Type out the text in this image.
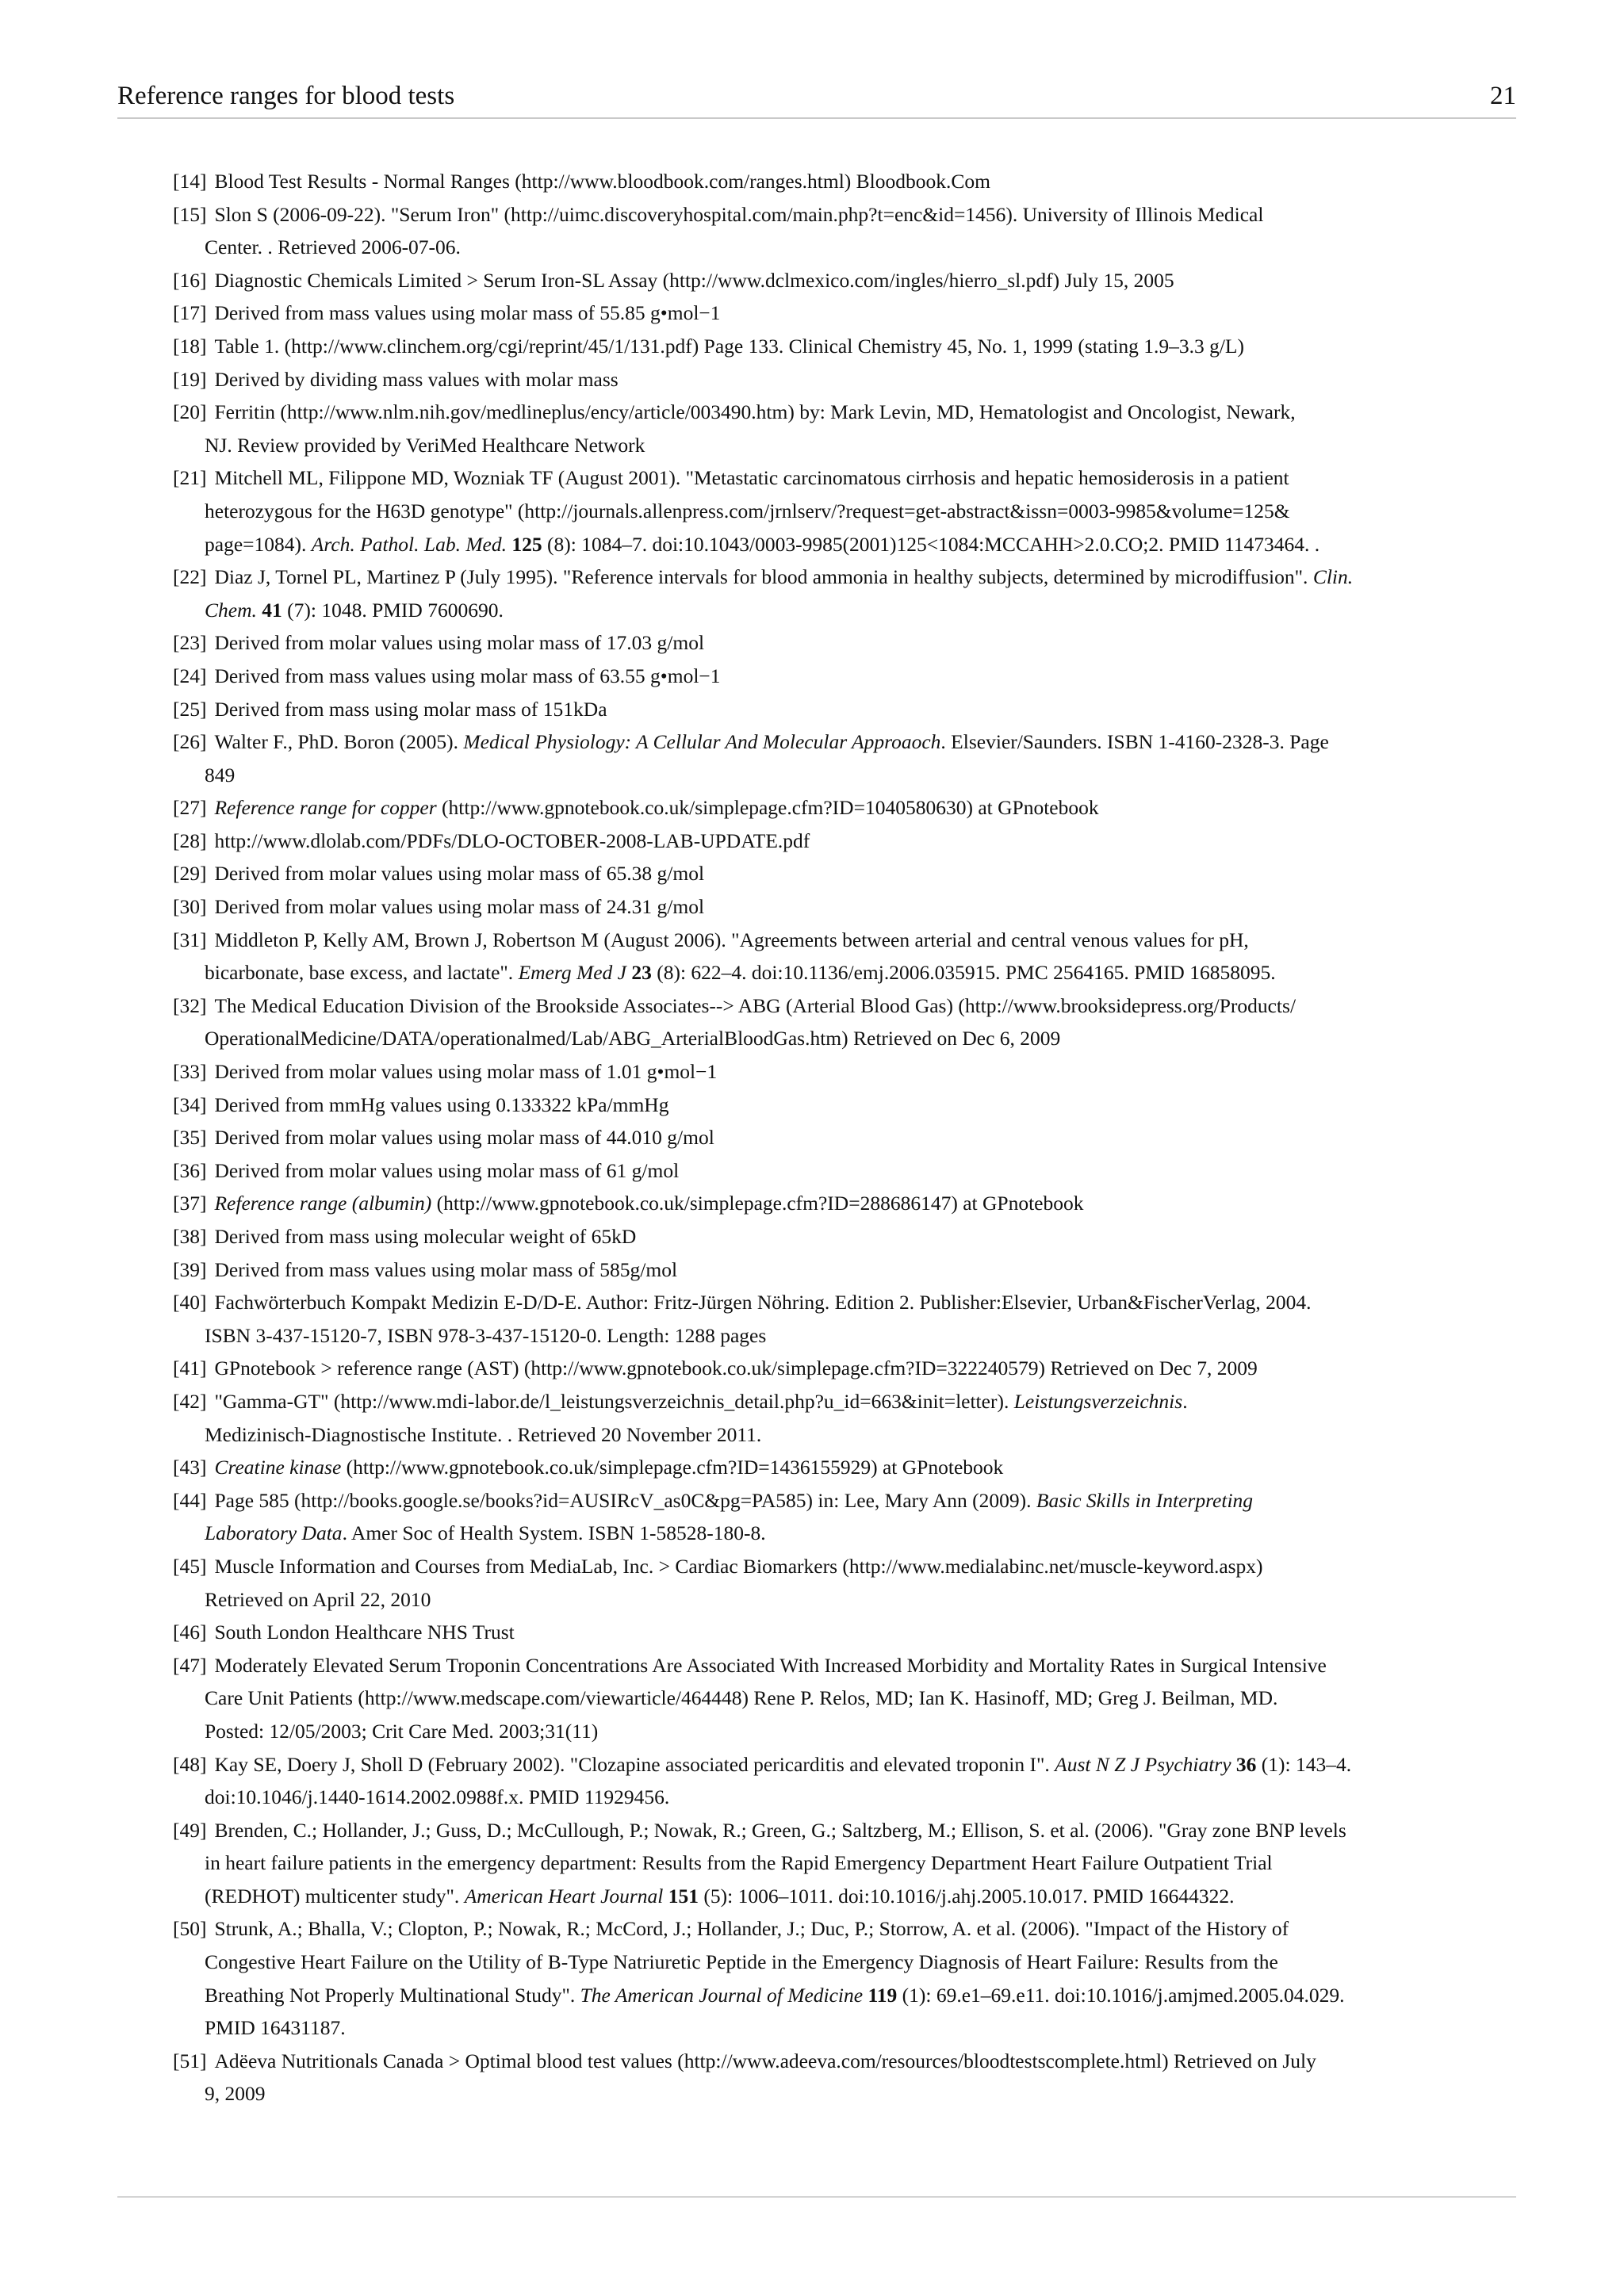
Reference ranges for blood tests	21
[14] Blood Test Results - Normal Ranges (http://www.bloodbook.com/ranges.html) Bloodbook.Com
[15] Slon S (2006-09-22). "Serum Iron" (http://uimc.discoveryhospital.com/main.php?t=enc&id=1456). University of Illinois Medical
Center. . Retrieved 2006-07-06.
[16] Diagnostic Chemicals Limited > Serum Iron-SL Assay (http://www.dclmexico.com/ingles/hierro_sl.pdf) July 15, 2005
[17] Derived from mass values using molar mass of 55.85 g•mol−1
[18] Table 1. (http://www.clinchem.org/cgi/reprint/45/1/131.pdf) Page 133. Clinical Chemistry 45, No. 1, 1999 (stating 1.9–3.3 g/L)
[19] Derived by dividing mass values with molar mass
[20] Ferritin (http://www.nlm.nih.gov/medlineplus/ency/article/003490.htm) by: Mark Levin, MD, Hematologist and Oncologist, Newark,
NJ. Review provided by VeriMed Healthcare Network
[21] Mitchell ML, Filippone MD, Wozniak TF (August 2001). "Metastatic carcinomatous cirrhosis and hepatic hemosiderosis in a patient
heterozygous for the H63D genotype" (http://journals.allenpress.com/jrnlserv/?request=get-abstract&issn=0003-9985&volume=125&
page=1084). Arch. Pathol. Lab. Med. 125 (8): 1084–7. doi:10.1043/0003-9985(2001)125<1084:MCCAHH>2.0.CO;2. PMID 11473464. .
[22] Diaz J, Tornel PL, Martinez P (July 1995). "Reference intervals for blood ammonia in healthy subjects, determined by microdiffusion". Clin.
Chem. 41 (7): 1048. PMID 7600690.
[23] Derived from molar values using molar mass of 17.03 g/mol
[24] Derived from mass values using molar mass of 63.55 g•mol−1
[25] Derived from mass using molar mass of 151kDa
[26] Walter F., PhD. Boron (2005). Medical Physiology: A Cellular And Molecular Approaoch. Elsevier/Saunders. ISBN 1-4160-2328-3. Page
849
[27] Reference range for copper (http://www.gpnotebook.co.uk/simplepage.cfm?ID=1040580630) at GPnotebook
[28] http://www.dlolab.com/PDFs/DLO-OCTOBER-2008-LAB-UPDATE.pdf
[29] Derived from molar values using molar mass of 65.38 g/mol
[30] Derived from molar values using molar mass of 24.31 g/mol
[31] Middleton P, Kelly AM, Brown J, Robertson M (August 2006). "Agreements between arterial and central venous values for pH,
bicarbonate, base excess, and lactate". Emerg Med J 23 (8): 622–4. doi:10.1136/emj.2006.035915. PMC 2564165. PMID 16858095.
[32] The Medical Education Division of the Brookside Associates--> ABG (Arterial Blood Gas) (http://www.brooksidepress.org/Products/
OperationalMedicine/DATA/operationalmed/Lab/ABG_ArterialBloodGas.htm) Retrieved on Dec 6, 2009
[33] Derived from molar values using molar mass of 1.01 g•mol−1
[34] Derived from mmHg values using 0.133322 kPa/mmHg
[35] Derived from molar values using molar mass of 44.010 g/mol
[36] Derived from molar values using molar mass of 61 g/mol
[37] Reference range (albumin) (http://www.gpnotebook.co.uk/simplepage.cfm?ID=288686147) at GPnotebook
[38] Derived from mass using molecular weight of 65kD
[39] Derived from mass values using molar mass of 585g/mol
[40] Fachwörterbuch Kompakt Medizin E-D/D-E. Author: Fritz-Jürgen Nöhring. Edition 2. Publisher:Elsevier, Urban&FischerVerlag, 2004.
ISBN 3-437-15120-7, ISBN 978-3-437-15120-0. Length: 1288 pages
[41] GPnotebook > reference range (AST) (http://www.gpnotebook.co.uk/simplepage.cfm?ID=322240579) Retrieved on Dec 7, 2009
[42] "Gamma-GT" (http://www.mdi-labor.de/l_leistungsverzeichnis_detail.php?u_id=663&init=letter). Leistungsverzeichnis.
Medizinisch-Diagnostische Institute. . Retrieved 20 November 2011.
[43] Creatine kinase (http://www.gpnotebook.co.uk/simplepage.cfm?ID=1436155929) at GPnotebook
[44] Page 585 (http://books.google.se/books?id=AUSIRcV_as0C&pg=PA585) in: Lee, Mary Ann (2009). Basic Skills in Interpreting
Laboratory Data. Amer Soc of Health System. ISBN 1-58528-180-8.
[45] Muscle Information and Courses from MediaLab, Inc. > Cardiac Biomarkers (http://www.medialabinc.net/muscle-keyword.aspx)
Retrieved on April 22, 2010
[46] South London Healthcare NHS Trust
[47] Moderately Elevated Serum Troponin Concentrations Are Associated With Increased Morbidity and Mortality Rates in Surgical Intensive
Care Unit Patients (http://www.medscape.com/viewarticle/464448) Rene P. Relos, MD; Ian K. Hasinoff, MD; Greg J. Beilman, MD.
Posted: 12/05/2003; Crit Care Med. 2003;31(11)
[48] Kay SE, Doery J, Sholl D (February 2002). "Clozapine associated pericarditis and elevated troponin I". Aust N Z J Psychiatry 36 (1): 143–4.
doi:10.1046/j.1440-1614.2002.0988f.x. PMID 11929456.
[49] Brenden, C.; Hollander, J.; Guss, D.; McCullough, P.; Nowak, R.; Green, G.; Saltzberg, M.; Ellison, S. et al. (2006). "Gray zone BNP levels
in heart failure patients in the emergency department: Results from the Rapid Emergency Department Heart Failure Outpatient Trial
(REDHOT) multicenter study". American Heart Journal 151 (5): 1006–1011. doi:10.1016/j.ahj.2005.10.017. PMID 16644322.
[50] Strunk, A.; Bhalla, V.; Clopton, P.; Nowak, R.; McCord, J.; Hollander, J.; Duc, P.; Storrow, A. et al. (2006). "Impact of the History of
Congestive Heart Failure on the Utility of B-Type Natriuretic Peptide in the Emergency Diagnosis of Heart Failure: Results from the
Breathing Not Properly Multinational Study". The American Journal of Medicine 119 (1): 69.e1–69.e11. doi:10.1016/j.amjmed.2005.04.029.
PMID 16431187.
[51] Adëeva Nutritionals Canada > Optimal blood test values (http://www.adeeva.com/resources/bloodtestscomplete.html) Retrieved on July
9, 2009
